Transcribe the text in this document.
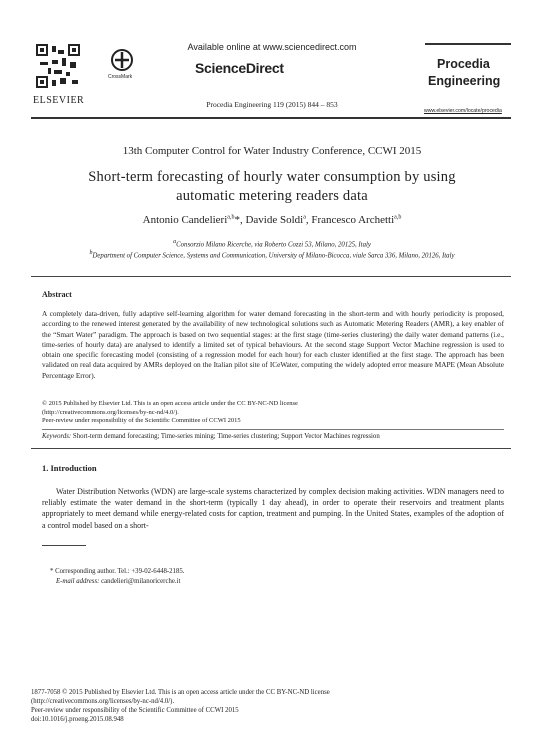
ELSEVIER
Available online at www.sciencedirect.com
CrossMark
ScienceDirect
Procedia Engineering 119 (2015) 844 – 853
Procedia
Engineering
www.elsevier.com/locate/procedia
13th Computer Control for Water Industry Conference, CCWI 2015
Short-term forecasting of hourly water consumption by using
automatic metering readers data
Antonio Candelieri$^{a,b}$*, Davide Soldi$^a$, Francesco Archetti$^{a,b}$
$^a$Consorzio Milano Ricerche, via Roberto Cozzi 53, Milano, 20125, Italy
$^b$Department of Computer Science, Systems and Communication, University of Milano-Bicocca, viale Sarca 336, Milano, 20126, Italy
Abstract
A completely data-driven, fully adaptive self-learning algorithm for water demand forecasting in the short-term and with hourly periodicity is proposed, according to the renewed interest generated by the availability of new technological solutions such as Automatic Metering Readers (AMR), a key enabler of the “Smart Water” paradigm. The approach is based on two sequential stages: at the first stage (time-series clustering) the daily water demand patterns (i.e., time-series of hourly data) are analysed to identify a limited set of typical behaviours. At the second stage Support Vector Machine regression is used to obtain one specific forecasting model (consisting of a regression model for each hour) for each cluster identified at the first stage. The approach has been validated on real data acquired by AMRs deployed on the Italian pilot site of ICeWater, computing the widely adopted error measure MAPE (Mean Absolute Percentage Error).
© 2015 Published by Elsevier Ltd. This is an open access article under the CC BY-NC-ND license
(http://creativecommons.org/licenses/by-nc-nd/4.0/).
Peer-review under responsibility of the Scientific Committee of CCWI 2015
Keywords: Short-term demand forecasting; Time-series mining; Time-series clustering; Support Vector Machines regression
1. Introduction
Water Distribution Networks (WDN) are large-scale systems characterized by complex decision making activities. WDN managers need to reliably estimate the water demand in the short-term (typically 1 day ahead), in order to operate their reservoirs and treatment plants appropriately to meet demand while energy-related costs for caption, treatment and pumping. In the United States, examples of the adoption of a control model based on a short-
* Corresponding author. Tel.: +39-02-6448-2185.
E-mail address: candelieri@milanoricerche.it
1877-7058 © 2015 Published by Elsevier Ltd. This is an open access article under the CC BY-NC-ND license
(http://creativecommons.org/licenses/by-nc-nd/4.0/).
Peer-review under responsibility of the Scientific Committee of CCWI 2015
doi:10.1016/j.proeng.2015.08.948
